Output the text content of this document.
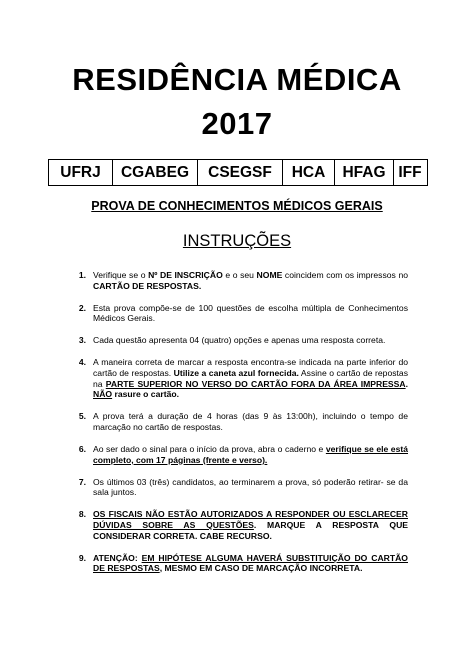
RESIDÊNCIA MÉDICA
2017
UFRJ	CGABEG	CSEGSF	HCA	HFAG IFF
PROVA DE CONHECIMENTOS MÉDICOS GERAIS
INSTRUÇÕES
1. Verifique se o Nº DE INSCRIÇÃO e o seu NOME coincidem com os impressos no CARTÃO DE RESPOSTAS.
2. Esta prova compõe-se de 100 questões de escolha múltipla de Conhecimentos Médicos Gerais.
3. Cada questão apresenta 04 (quatro) opções e apenas uma resposta correta.
4. A maneira correta de marcar a resposta encontra-se indicada na parte inferior do cartão de respostas. Utilize a caneta azul fornecida. Assine o cartão de repostas na PARTE SUPERIOR NO VERSO DO CARTÃO FORA DA ÁREA IMPRESSA. NÃO rasure o cartão.
5. A prova terá a duração de 4 horas (das 9 às 13:00h), incluindo o tempo de marcação no cartão de respostas.
6. Ao ser dado o sinal para o início da prova, abra o caderno e verifique se ele está completo, com 17 páginas (frente e verso).
7. Os últimos 03 (três) candidatos, ao terminarem a prova, só poderão retirar- se da sala juntos.
8. OS FISCAIS NÃO ESTÃO AUTORIZADOS A RESPONDER OU ESCLARECER DÚVIDAS SOBRE AS QUESTÕES. MARQUE A RESPOSTA QUE CONSIDERAR CORRETA. CABE RECURSO.
9. ATENÇÃO: EM HIPÓTESE ALGUMA HAVERÁ SUBSTITUIÇÃO DO CARTÃO DE RESPOSTAS, MESMO EM CASO DE MARCAÇÃO INCORRETA.
